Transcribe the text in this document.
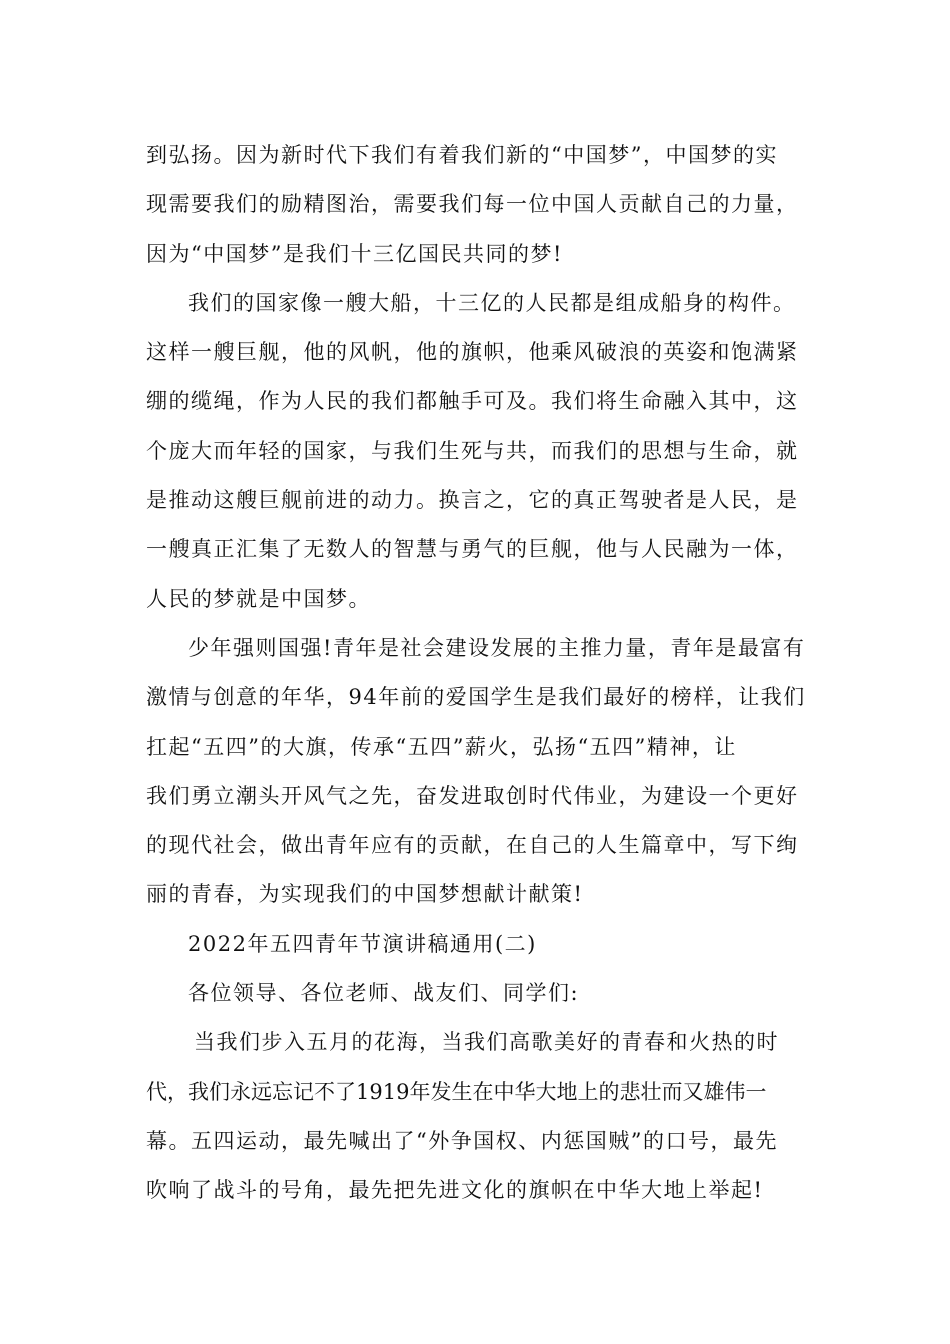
到弘扬。因为新时代下我们有着我们新的“中国梦”，中国梦的实
现需要我们的励精图治，需要我们每一位中国人贡献自己的力量，
因为“中国梦”是我们十三亿国民共同的梦!
我们的国家像一艘大船，十三亿的人民都是组成船身的构件。
这样一艘巨舰，他的风帆，他的旗帜，他乘风破浪的英姿和饱满紧
绷的缆绳，作为人民的我们都触手可及。我们将生命融入其中，这
个庞大而年轻的国家，与我们生死与共，而我们的思想与生命，就
是推动这艘巨舰前进的动力。换言之，它的真正驾驶者是人民，是
一艘真正汇集了无数人的智慧与勇气的巨舰，他与人民融为一体，
人民的梦就是中国梦。
少年强则国强!青年是社会建设发展的主推力量，青年是最富有
激情与创意的年华，94年前的爱国学生是我们最好的榜样，让我们
扛起“五四”的大旗，传承“五四”薪火，弘扬“五四”精神，让
我们勇立潮头开风气之先，奋发进取创时代伟业，为建设一个更好
的现代社会，做出青年应有的贡献，在自己的人生篇章中，写下绚
丽的青春，为实现我们的中国梦想献计献策!
2022年五四青年节演讲稿通用(二)
各位领导、各位老师、战友们、同学们:
当我们步入五月的花海，当我们高歌美好的青春和火热的时
代，我们永远忘记不了1919年发生在中华大地上的悲壮而又雄伟一
幕。五四运动，最先喊出了“外争国权、内惩国贼”的口号，最先
吹响了战斗的号角，最先把先进文化的旗帜在中华大地上举起!
